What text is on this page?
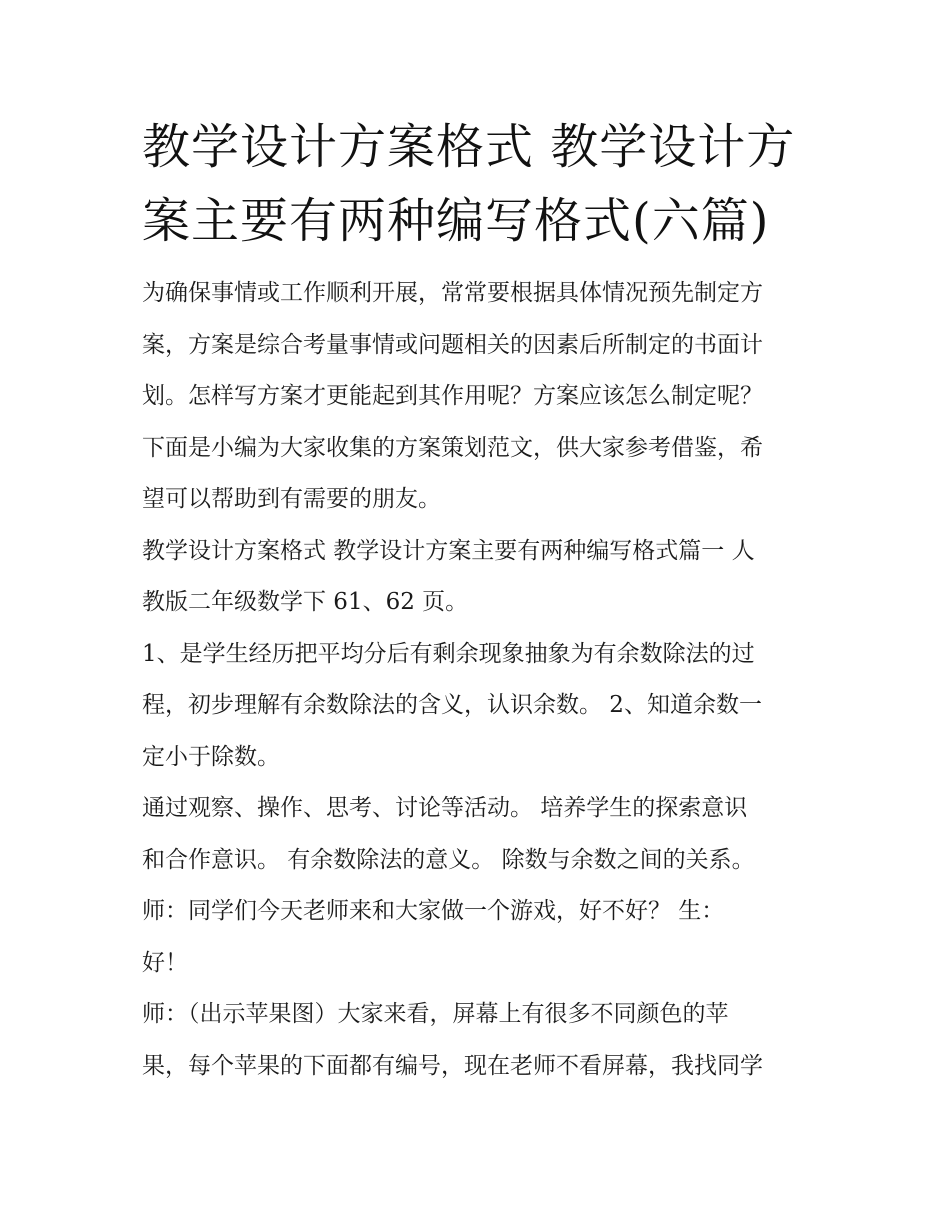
教学设计方案格式 教学设计方
案主要有两种编写格式(六篇)

为确保事情或工作顺利开展，常常要根据具体情况预先制定方
案，方案是综合考量事情或问题相关的因素后所制定的书面计
划。怎样写方案才更能起到其作用呢？方案应该怎么制定呢？
下面是小编为大家收集的方案策划范文，供大家参考借鉴，希
望可以帮助到有需要的朋友。

教学设计方案格式 教学设计方案主要有两种编写格式篇一 人
教版二年级数学下 61、62 页。

1、是学生经历把平均分后有剩余现象抽象为有余数除法的过
程，初步理解有余数除法的含义，认识余数。 2、知道余数一
定小于除数。

通过观察、操作、思考、讨论等活动。 培养学生的探索意识
和合作意识。 有余数除法的意义。 除数与余数之间的关系。

师：同学们今天老师来和大家做一个游戏，好不好？ 生：
好！

师：（出示苹果图）大家来看，屏幕上有很多不同颜色的苹
果，每个苹果的下面都有编号，现在老师不看屏幕，我找同学
